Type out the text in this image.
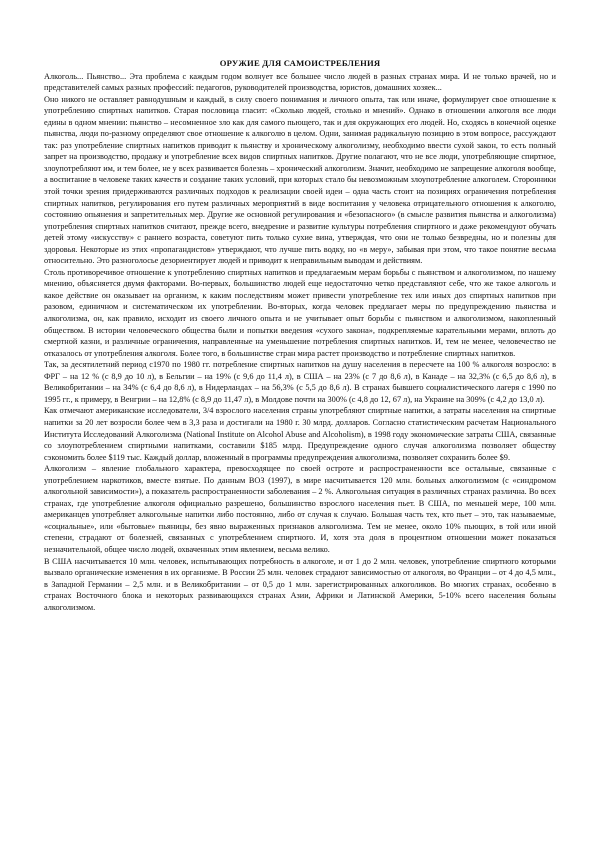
ОРУЖИЕ ДЛЯ САМОИСТРЕБЛЕНИЯ

Алкоголь... Пьянство... Эта проблема с каждым годом волнует все большее число людей в разных странах мира. И не только врачей, но и представителей самых разных профессий: педагогов, руководителей производства, юристов, домашних хозяек...

Оно никого не оставляет равнодушным и каждый, в силу своего понимания и личного опыта, так или иначе, формулирует свое отношение к употреблению спиртных напитков. Старая пословица гласит: «Сколько людей, столько и мнений». Однако в отношении алкоголя все люди едины в одном мнении: пьянство – несомненное зло как для самого пьющего, так и для окружающих его людей. Но, сходясь в конечной оценке пьянства, люди по-разному определяют свое отношение к алкоголю в целом. Одни, занимая радикальную позицию в этом вопросе, рассуждают так: раз употребление спиртных напитков приводит к пьянству и хроническому алкоголизму, необходимо ввести сухой закон, то есть полный запрет на производство, продажу и употребление всех видов спиртных напитков. Другие полагают, что не все люди, употребляющие спиртное, злоупотребляют им, и тем более, не у всех развивается болезнь – хронический алкоголизм. Значит, необходимо не запрещение алкоголя вообще, а воспитание в человеке таких качеств и создание таких условий, при которых стало бы невозможным злоупотребление алкоголем. Сторонники этой точки зрения придерживаются различных подходов к реализации своей идеи – одна часть стоит на позициях ограничения потребления спиртных напитков, регулирования его путем различных мероприятий в виде воспитания у человека отрицательного отношения к алкоголю, состоянию опьянения и запретительных мер. Другие же основной регулирования и «безопасного» (в смысле развития пьянства и алкоголизма) употребления спиртных напитков считают, прежде всего, внедрение и развитие культуры потребления спиртного и даже рекомендуют обучать детей этому «искусству» с раннего возраста, советуют пить только сухие вина, утверждая, что они не только безвредны, но и полезны для здоровья. Некоторые из этих «пропагандистов» утверждают, что лучше пить водку, но «в меру», забывая при этом, что такое понятие весьма относительно. Это разноголосье дезориентирует людей и приводит к неправильным выводам и действиям.

Столь противоречивое отношение к употреблению спиртных напитков и предлагаемым мерам борьбы с пьянством и алкоголизмом, по нашему мнению, объясняется двумя факторами. Во-первых, большинство людей еще недостаточно четко представляют себе, что же такое алкоголь и какое действие он оказывает на организм, к каким последствиям может привести употребление тех или иных доз спиртных напитков при разовом, единичном и систематическом их употреблении. Во-вторых, когда человек предлагает меры по предупреждению пьянства и алкоголизма, он, как правило, исходит из своего личного опыта и не учитывает опыт борьбы с пьянством и алкоголизмом, накопленный обществом. В истории человеческого общества были и попытки введения «сухого закона», подкрепляемые карательными мерами, вплоть до смертной казни, и различные ограничения, направленные на уменьшение потребления спиртных напитков. И, тем не менее, человечество не отказалось от употребления алкоголя. Более того, в большинстве стран мира растет производство и потребление спиртных напитков.

Так, за десятилетний период с1970 по 1980 гг. потребление спиртных напитков на душу населения в пересчете на 100 % алкоголя возросло: в ФРГ – на 12 % (с 8,9 до 10 л), в Бельгии – на 19% (с 9,6 до 11,4 л), в США – на 23% (с 7 до 8,6 л), в Канаде – на 32,3% (с 6,5 до 8,6 л), в Великобритании – на 34% (с 6,4 до 8,6 л), в Нидерландах – на 56,3% (с 5,5 до 8,6 л). В странах бывшего социалистического лагеря с 1990 по 1995 гг., к примеру, в Венгрии – на 12,8% (с 8,9 до 11,47 л), в Молдове почти на 300% (с 4,8 до 12, 67 л), на Украине на 309% (с 4,2 до 13,0 л).

Как отмечают американские исследователи, 3/4 взрослого населения страны употребляют спиртные напитки, а затраты населения на спиртные напитки за 20 лет возросли более чем в 3,3 раза и достигали на 1980 г. 30 млрд. долларов. Согласно статистическим расчетам Национального Института Исследований Алкоголизма (National Institute on Alcohol Abuse and Alcoholism), в 1998 году экономические затраты США, связанные со злоупотреблением спиртными напитками, составили $185 млрд. Предупреждение одного случая алкоголизма позволяет обществу сэкономить более $119 тыс. Каждый доллар, вложенный в программы предупреждения алкоголизма, позволяет сохранить более $9.

Алкоголизм – явление глобального характера, превосходящее по своей остроте и распространенности все остальные, связанные с употреблением наркотиков, вместе взятые. По данным ВОЗ (1997), в мире насчитывается 120 млн. больных алкоголизмом (с «синдромом алкогольной зависимости»), а показатель распространенности заболевания – 2 %. Алкогольная ситуация в различных странах различна. Во всех странах, где употребление алкоголя официально разрешено, большинство взрослого населения пьет. В США, по меньшей мере, 100 млн. американцев употребляет алкогольные напитки либо постоянно, либо от случая к случаю. Большая часть тех, кто пьет – это, так называемые, «социальные», или «бытовые» пьяницы, без явно выраженных признаков алкоголизма. Тем не менее, около 10% пьющих, в той или иной степени, страдают от болезней, связанных с употреблением спиртного. И, хотя эта доля в процентном отношении может показаться незначительной, общее число людей, охваченных этим явлением, весьма велико.

В США насчитывается 10 млн. человек, испытывающих потребность в алкоголе, и от 1 до 2 млн. человек, употребление спиртного которыми вызвало органические изменения в их организме. В России 25 млн. человек страдают зависимостью от алкоголя, во Франции – от 4 до 4,5 млн., в Западной Германии – 2,5 млн. и в Великобритании – от 0,5 до 1 млн. зарегистрированных алкоголиков. Во многих странах, особенно в странах Восточного блока и некоторых развивающихся странах Азии, Африки и Латинской Америки, 5-10% всего населения больны алкоголизмом.
